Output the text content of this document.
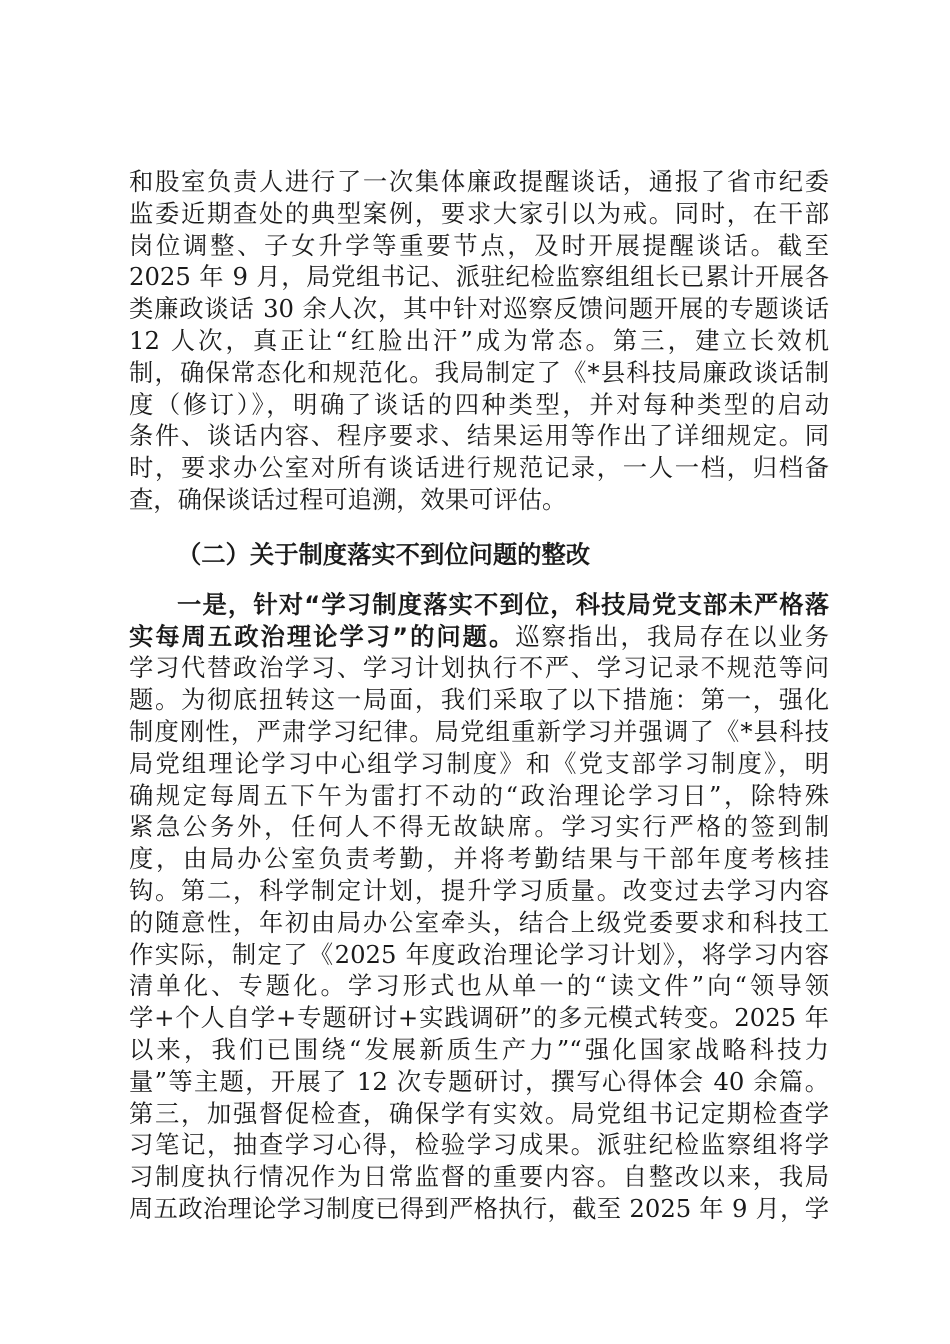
和股室负责人进行了一次集体廉政提醒谈话，通报了省市纪委
监委近期查处的典型案例，要求大家引以为戒。同时，在干部
岗位调整、子女升学等重要节点，及时开展提醒谈话。截至
2025 年 9 月，局党组书记、派驻纪检监察组组长已累计开展各
类廉政谈话 30 余人次，其中针对巡察反馈问题开展的专题谈话
12 人次，真正让“红脸出汗”成为常态。第三，建立长效机
制，确保常态化和规范化。我局制定了《*县科技局廉政谈话制
度（修订）》，明确了谈话的四种类型，并对每种类型的启动
条件、谈话内容、程序要求、结果运用等作出了详细规定。同
时，要求办公室对所有谈话进行规范记录，一人一档，归档备
查，确保谈话过程可追溯，效果可评估。
（二）关于制度落实不到位问题的整改
一是，针对“学习制度落实不到位，科技局党支部未严格落
实每周五政治理论学习”的问题。巡察指出，我局存在以业务
学习代替政治学习、学习计划执行不严、学习记录不规范等问
题。为彻底扭转这一局面，我们采取了以下措施：第一，强化
制度刚性，严肃学习纪律。局党组重新学习并强调了《*县科技
局党组理论学习中心组学习制度》和《党支部学习制度》，明
确规定每周五下午为雷打不动的“政治理论学习日”，除特殊
紧急公务外，任何人不得无故缺席。学习实行严格的签到制
度，由局办公室负责考勤，并将考勤结果与干部年度考核挂
钩。第二，科学制定计划，提升学习质量。改变过去学习内容
的随意性，年初由局办公室牵头，结合上级党委要求和科技工
作实际，制定了《2025 年度政治理论学习计划》，将学习内容
清单化、专题化。学习形式也从单一的“读文件”向“领导领
学+个人自学+专题研讨+实践调研”的多元模式转变。2025 年
以来，我们已围绕“发展新质生产力”“强化国家战略科技力
量”等主题，开展了 12 次专题研讨，撰写心得体会 40 余篇。
第三，加强督促检查，确保学有实效。局党组书记定期检查学
习笔记，抽查学习心得，检验学习成果。派驻纪检监察组将学
习制度执行情况作为日常监督的重要内容。自整改以来，我局
周五政治理论学习制度已得到严格执行，截至 2025 年 9 月，学
